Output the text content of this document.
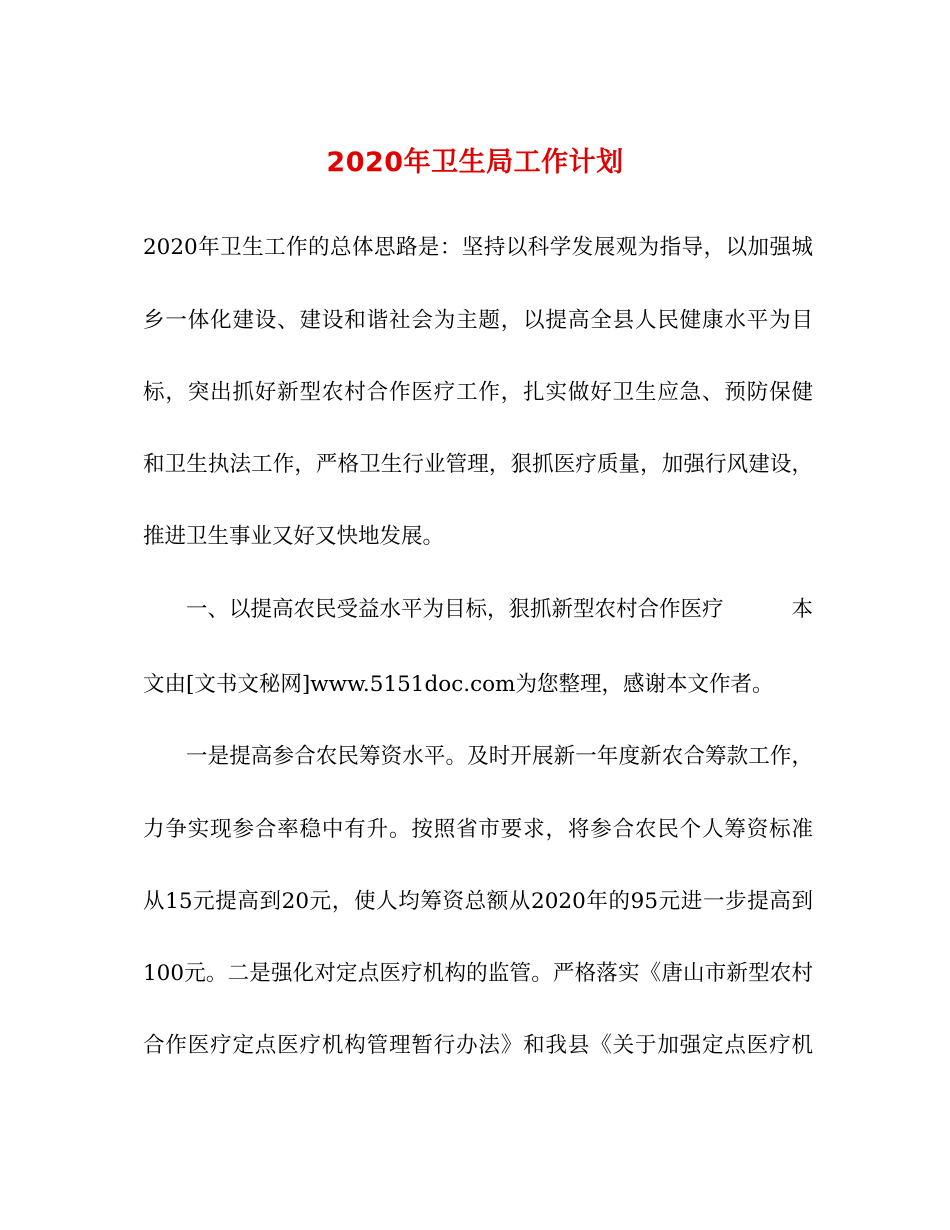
2020年卫生局工作计划
2020年卫生工作的总体思路是：坚持以科学发展观为指导，以加强城
乡一体化建设、建设和谐社会为主题，以提高全县人民健康水平为目
标，突出抓好新型农村合作医疗工作，扎实做好卫生应急、预防保健
和卫生执法工作，严格卫生行业管理，狠抓医疗质量，加强行风建设，
推进卫生事业又好又快地发展。
一、以提高农民受益水平为目标，狠抓新型农村合作医疗	本
文由[文书文秘网]www.5151doc.com为您整理，感谢本文作者。
一是提高参合农民筹资水平。及时开展新一年度新农合筹款工作，
力争实现参合率稳中有升。按照省市要求，将参合农民个人筹资标准
从15元提高到20元，使人均筹资总额从2020年的95元进一步提高到
100元。二是强化对定点医疗机构的监管。严格落实《唐山市新型农村
合作医疗定点医疗机构管理暂行办法》和我县《关于加强定点医疗机
